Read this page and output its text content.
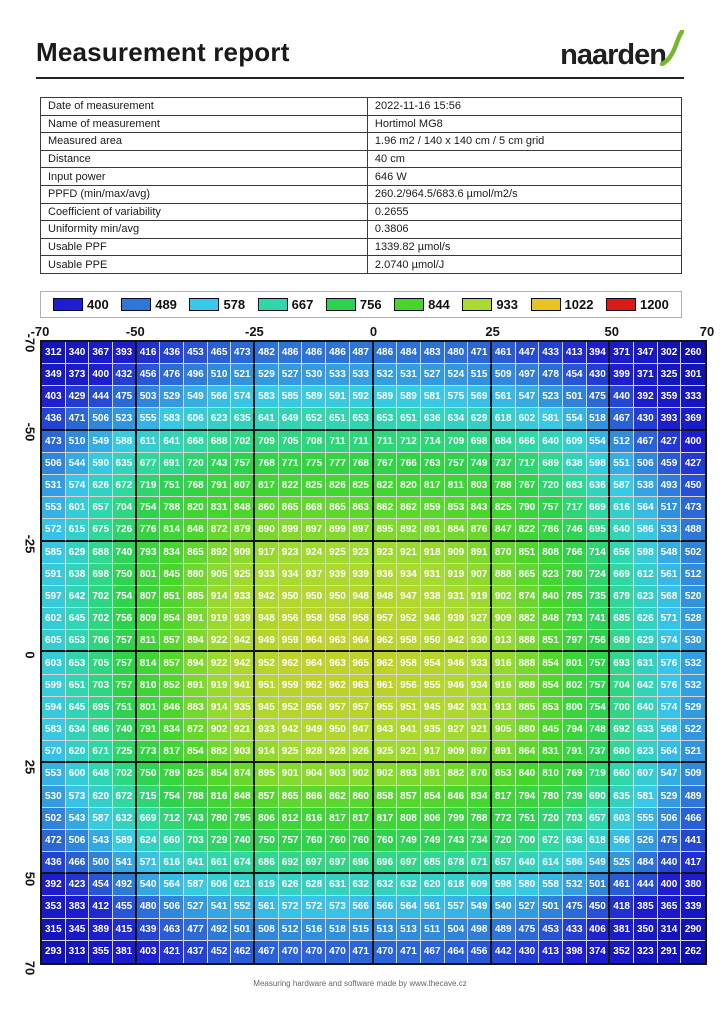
Measurement report	naarden
Date of measurement	2022-11-16 15:56
Name of measurement	Hortimol MG8
Measured area	1.96 m2 / 140 x 140 cm / 5 cm grid
Distance	40 cm
Input power	646 W
PPFD (min/max/avg)	260.2/964.5/683.6 µmol/m2/s
Coefficient of variability	0.2655
Uniformity min/avg	0.3806
Usable PPF	1339.82 µmol/s
Usable PPE	2.0740 µmol/J
400	489	578	667	756	844	933	1022	1200
-70	-50	-25	0	25	50	70
312 340 367 393 416 436 453 465 473 482 486 486 486 487 486 484 483 480 471 461 447 433 413 394 371 347 302 260
349 373 400 432 456 476 496 510 521 529 527 530 533 533 532 531 527 524 515 509 497 478 454 430 399 371 325 301
403 429 444 475 503 529 549 566 574 583 585 589 591 592 589 589 581 575 569 561 547 523 501 475 440 392 359 333
436 471 506 523 555 583 606 623 635 641 649 652 651 653 653 651 636 634 629 618 602 581 554 518 467 430 393 369
473 510 549 588 611 641 668 688 702 709 705 708 711 711 711 712 714 709 698 684 666 640 609 554 512 467 427 400
506 544 590 635 677 691 720 743 757 768 771 775 777 768 767 766 763 757 749 737 717 689 638 598 551 506 459 427
531 574 626 672 719 751 768 791 807 817 822 825 826 825 822 820 817 811 803 788 767 720 683 636 587 538 493 450
553 601 657 704 754 788 820 831 848 860 865 868 865 863 862 862 859 853 843 825 790 757 717 669 616 564 517 473
572 615 675 726 776 814 848 872 879 890 899 897 899 897 895 892 891 884 876 847 822 786 746 695 640 586 533 488
585 629 688 740 793 834 865 892 909 917 923 924 925 923 923 921 918 909 891 870 851 808 766 714 656 598 548 502
591 638 698 750 801 845 880 905 925 933 934 937 939 939 936 934 931 919 907 888 865 823 780 724 669 612 561 512
597 642 702 754 807 851 885 914 933 942 950 950 950 948 948 947 938 931 919 902 874 840 785 735 679 623 568 520
602 645 702 756 809 854 891 919 939 948 956 958 958 958 957 952 946 939 927 909 882 848 793 741 685 626 571 528
605 653 706 757 811 857 894 922 942 949 959 964 963 964 962 958 950 942 930 913 888 851 797 756 689 629 574 530
603 653 705 757 814 857 894 922 942 952 962 964 963 965 962 958 954 946 933 916 888 854 801 757 693 631 576 532
599 651 703 757 810 852 891 919 941 951 959 962 962 963 961 956 955 946 934 916 888 854 802 757 704 642 576 532
594 645 695 751 801 846 883 914 935 945 952 956 957 957 955 951 945 942 931 913 885 853 800 754 700 640 574 529
583 634 686 740 791 834 872 902 921 933 942 949 950 947 943 941 935 927 921 905 880 845 794 748 692 633 568 522
570 620 671 725 773 817 854 882 903 914 925 928 928 926 925 921 917 909 897 891 864 831 791 737 680 623 564 521
553 600 648 702 750 789 825 854 874 895 901 904 903 902 902 893 891 882 870 853 840 810 769 719 660 607 547 509
530 573 620 672 715 754 788 816 848 857 865 866 862 860 858 857 854 846 834 817 794 780 739 690 635 581 529 489
502 543 587 632 669 712 743 780 795 806 812 816 817 817 817 808 806 799 788 772 751 720 703 657 603 555 506 466
472 506 543 589 624 660 703 729 740 750 757 760 760 760 760 749 749 743 734 720 700 672 636 618 566 526 475 441
436 466 500 541 571 616 641 661 674 686 692 697 697 696 696 697 685 678 671 657 640 614 586 549 525 484 440 417
392 423 454 492 540 564 587 606 621 619 626 628 631 632 632 632 620 618 609 598 580 558 532 501 461 444 400 380
353 383 412 455 480 506 527 541 552 561 572 572 573 566 566 564 561 557 549 540 527 501 475 450 418 385 365 339
315 345 389 415 439 463 477 492 501 508 512 516 518 515 513 513 511 504 498 489 475 453 433 406 381 350 314 290
293 313 355 381 403 421 437 452 462 467 470 470 470 471 470 471 467 464 456 442 430 413 398 374 352 323 291 262
-70
-50
-25
0
25
50
70
Measuring hardware and software made by www.thecave.cz
